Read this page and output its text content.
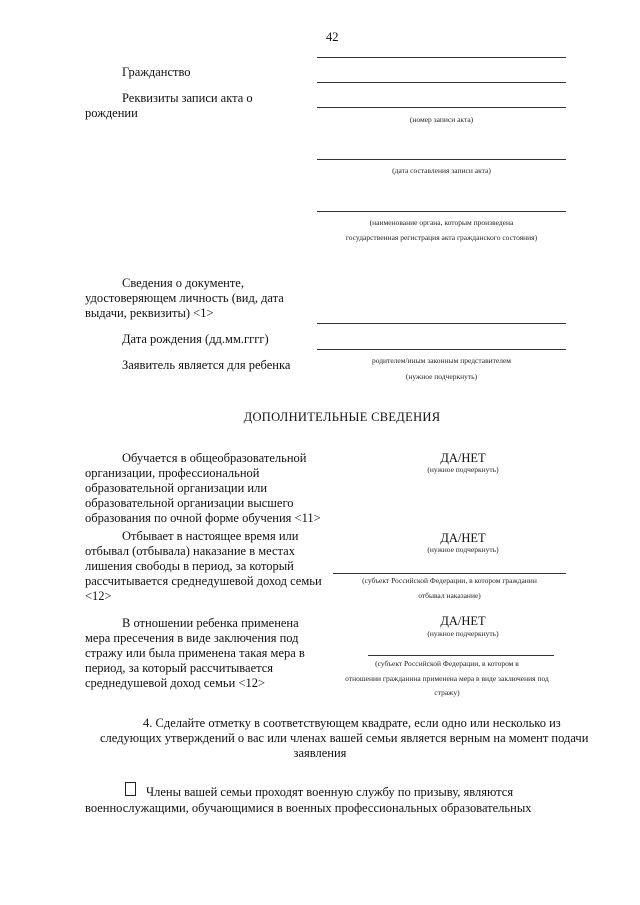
42
Гражданство
Реквизиты записи акта о
рождении	(номер записи акта)
(дата составления записи акта)
(наименование органа, которым произведена
государственная регистрация акта гражданского состояния)
Сведения о документе,
удостоверяющем личность (вид, дата
выдачи, реквизиты) <1>
Дата рождения (дд.мм.гггг)
Заявитель является для ребенка	родителем/иным законным представителем
(нужное подчеркнуть)
ДОПОЛНИТЕЛЬНЫЕ СВЕДЕНИЯ
Обучается в общеобразовательной
организации, профессиональной
образовательной организации или
образовательной организации высшего
образования по очной форме обучения <11>
ДА/НЕТ
(нужное подчеркнуть)
Отбывает в настоящее время или
отбывал (отбывала) наказание в местах
лишения свободы в период, за который
рассчитывается среднедушевой доход семьи
<12>
ДА/НЕТ
(нужное подчеркнуть)
(субъект Российской Федерации, в котором гражданин
отбывал наказание)
В отношении ребенка применена
мера пресечения в виде заключения под
стражу или была применена такая мера в
период, за который рассчитывается
среднедушевой доход семьи <12>
ДА/НЕТ
(нужное подчеркнуть)
(субъект Российской Федерации, в котором в
отношении гражданина применена мера в виде заключения под
стражу)
4. Сделайте отметку в соответствующем квадрате, если одно или несколько из
следующих утверждений о вас или членах вашей семьи является верным на момент подачи
заявления
Члены вашей семьи проходят военную службу по призыву, являются
военнослужащими, обучающимися в военных профессиональных образовательных
